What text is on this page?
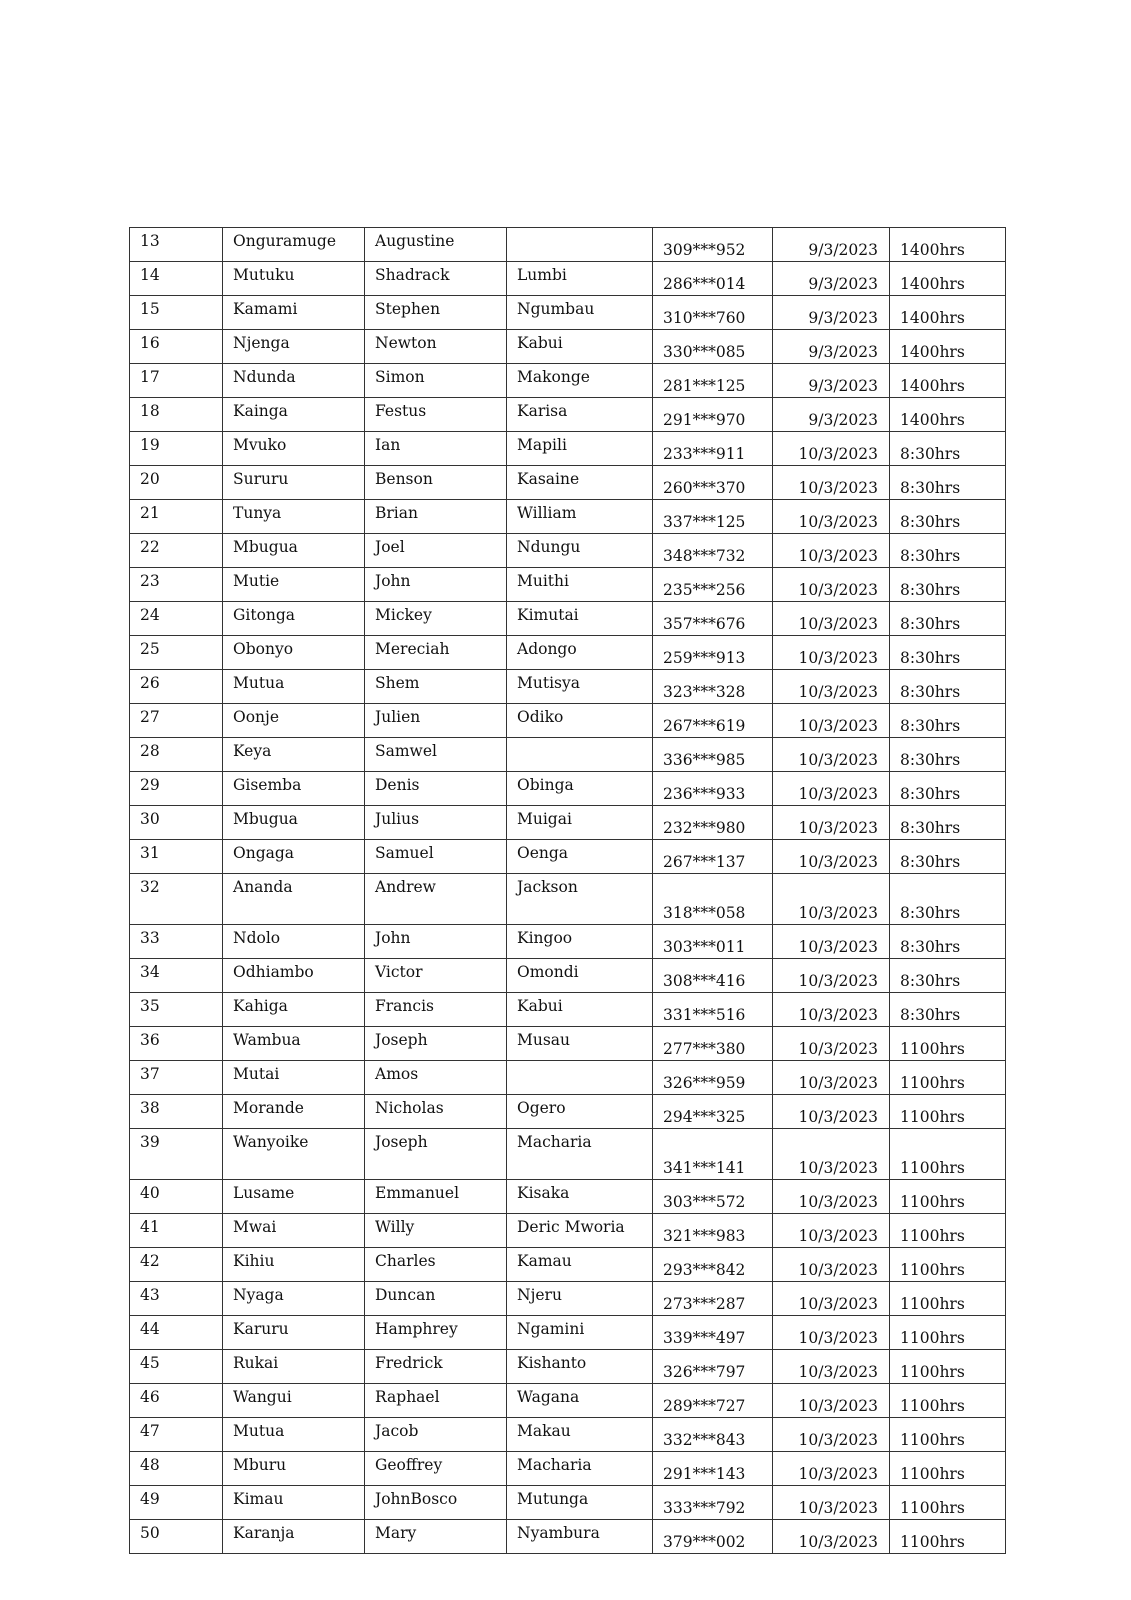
13	Onguramuge	Augustine		309***952	9/3/2023	1400hrs
14	Mutuku	Shadrack	Lumbi	286***014	9/3/2023	1400hrs
15	Kamami	Stephen	Ngumbau	310***760	9/3/2023	1400hrs
16	Njenga	Newton	Kabui	330***085	9/3/2023	1400hrs
17	Ndunda	Simon	Makonge	281***125	9/3/2023	1400hrs
18	Kainga	Festus	Karisa	291***970	9/3/2023	1400hrs
19	Mvuko	Ian	Mapili	233***911	10/3/2023	8:30hrs
20	Sururu	Benson	Kasaine	260***370	10/3/2023	8:30hrs
21	Tunya	Brian	William	337***125	10/3/2023	8:30hrs
22	Mbugua	Joel	Ndungu	348***732	10/3/2023	8:30hrs
23	Mutie	John	Muithi	235***256	10/3/2023	8:30hrs
24	Gitonga	Mickey	Kimutai	357***676	10/3/2023	8:30hrs
25	Obonyo	Mereciah	Adongo	259***913	10/3/2023	8:30hrs
26	Mutua	Shem	Mutisya	323***328	10/3/2023	8:30hrs
27	Oonje	Julien	Odiko	267***619	10/3/2023	8:30hrs
28	Keya	Samwel		336***985	10/3/2023	8:30hrs
29	Gisemba	Denis	Obinga	236***933	10/3/2023	8:30hrs
30	Mbugua	Julius	Muigai	232***980	10/3/2023	8:30hrs
31	Ongaga	Samuel	Oenga	267***137	10/3/2023	8:30hrs
32	Ananda	Andrew	Jackson	318***058	10/3/2023	8:30hrs
33	Ndolo	John	Kingoo	303***011	10/3/2023	8:30hrs
34	Odhiambo	Victor	Omondi	308***416	10/3/2023	8:30hrs
35	Kahiga	Francis	Kabui	331***516	10/3/2023	8:30hrs
36	Wambua	Joseph	Musau	277***380	10/3/2023	1100hrs
37	Mutai	Amos		326***959	10/3/2023	1100hrs
38	Morande	Nicholas	Ogero	294***325	10/3/2023	1100hrs
39	Wanyoike	Joseph	Macharia	341***141	10/3/2023	1100hrs
40	Lusame	Emmanuel	Kisaka	303***572	10/3/2023	1100hrs
41	Mwai	Willy	Deric Mworia	321***983	10/3/2023	1100hrs
42	Kihiu	Charles	Kamau	293***842	10/3/2023	1100hrs
43	Nyaga	Duncan	Njeru	273***287	10/3/2023	1100hrs
44	Karuru	Hamphrey	Ngamini	339***497	10/3/2023	1100hrs
45	Rukai	Fredrick	Kishanto	326***797	10/3/2023	1100hrs
46	Wangui	Raphael	Wagana	289***727	10/3/2023	1100hrs
47	Mutua	Jacob	Makau	332***843	10/3/2023	1100hrs
48	Mburu	Geoffrey	Macharia	291***143	10/3/2023	1100hrs
49	Kimau	JohnBosco	Mutunga	333***792	10/3/2023	1100hrs
50	Karanja	Mary	Nyambura	379***002	10/3/2023	1100hrs
